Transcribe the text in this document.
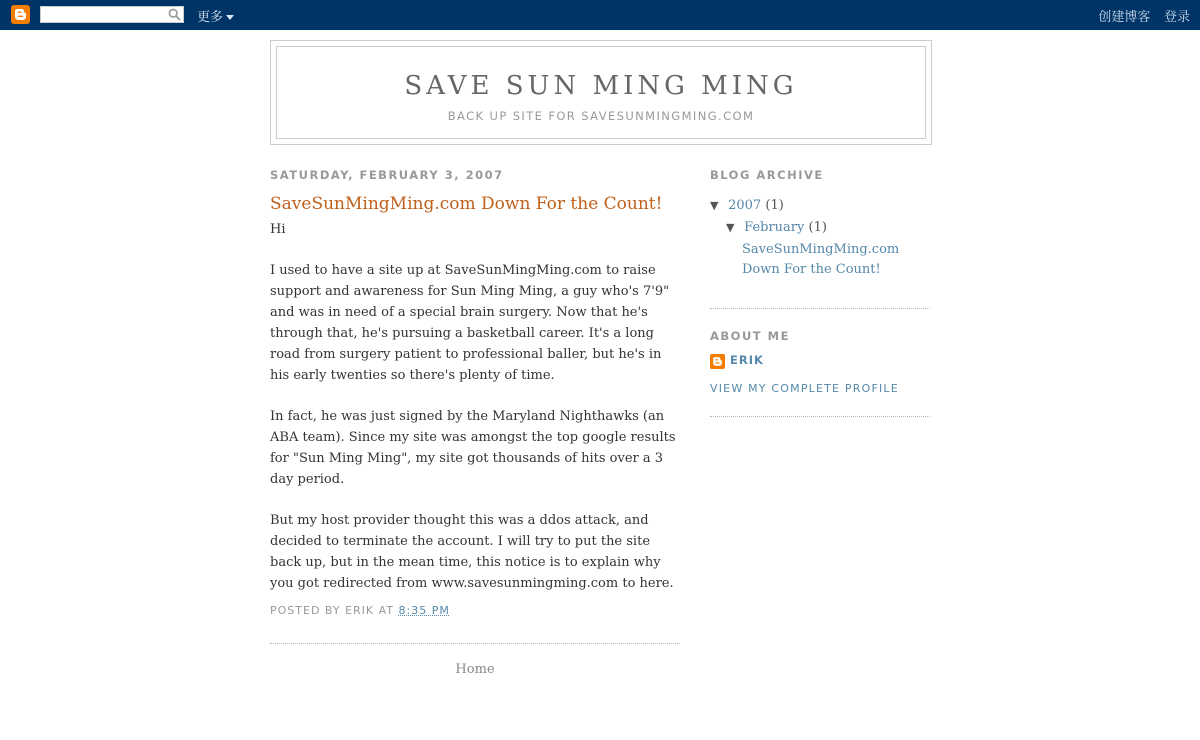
更多	创建博客 登录
SAVE SUN MING MING
BACK UP SITE FOR SAVESUNMINGMING.COM
SATURDAY, FEBRUARY 3, 2007
SaveSunMingMing.com Down For the Count!

Hi

I used to have a site up at SaveSunMingMing.com to raise support and awareness for Sun Ming Ming, a guy who's 7'9" and was in need of a special brain surgery. Now that he's through that, he's pursuing a basketball career. It's a long road from surgery patient to professional baller, but he's in his early twenties so there's plenty of time.

In fact, he was just signed by the Maryland Nighthawks (an ABA team). Since my site was amongst the top google results for "Sun Ming Ming", my site got thousands of hits over a 3 day period.

But my host provider thought this was a ddos attack, and decided to terminate the account. I will try to put the site back up, but in the mean time, this notice is to explain why you got redirected from www.savesunmingming.com to here.

POSTED BY ERIK AT 8:35 PM
Home
BLOG ARCHIVE
▼ 2007 (1)
▼ February (1)
SaveSunMingMing.com Down For the Count!
ABOUT ME
ERIK
VIEW MY COMPLETE PROFILE
